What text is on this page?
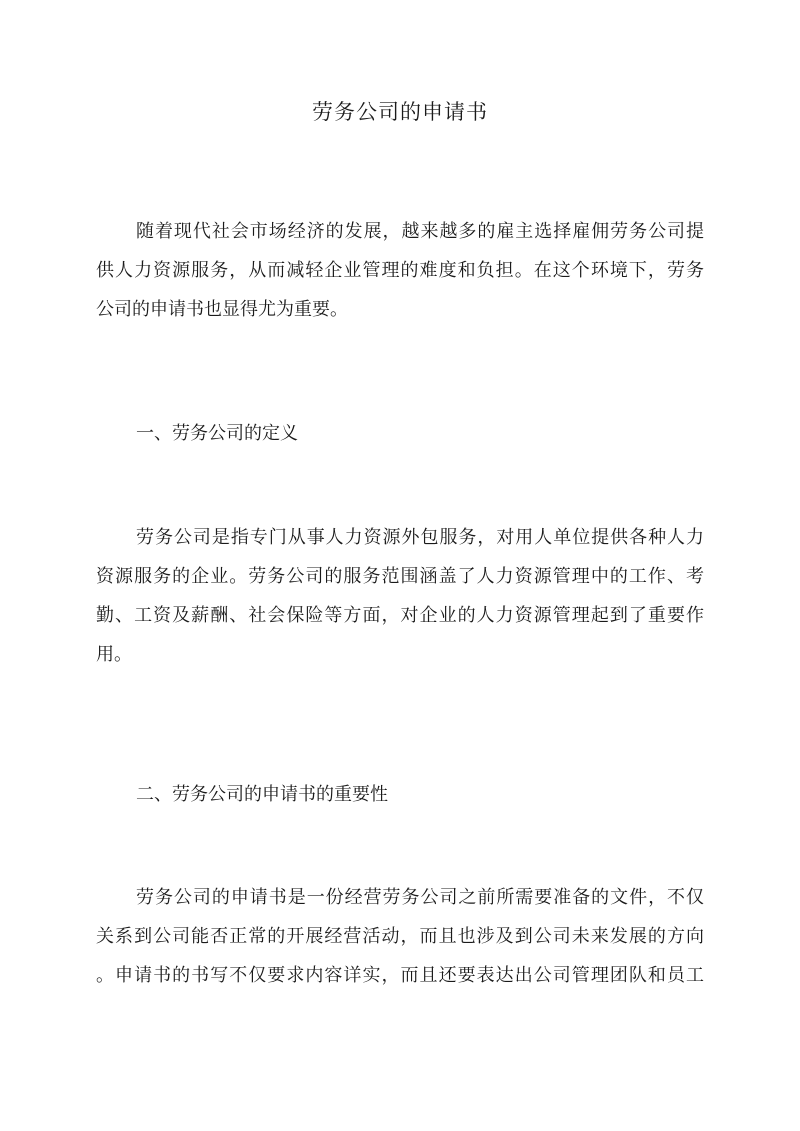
劳务公司的申请书
随着现代社会市场经济的发展，越来越多的雇主选择雇佣劳务公司提
供人力资源服务，从而减轻企业管理的难度和负担。在这个环境下，劳务
公司的申请书也显得尤为重要。
一、劳务公司的定义
劳务公司是指专门从事人力资源外包服务，对用人单位提供各种人力
资源服务的企业。劳务公司的服务范围涵盖了人力资源管理中的工作、考
勤、工资及薪酬、社会保险等方面，对企业的人力资源管理起到了重要作
用。
二、劳务公司的申请书的重要性
劳务公司的申请书是一份经营劳务公司之前所需要准备的文件，不仅
关系到公司能否正常的开展经营活动，而且也涉及到公司未来发展的方向
。申请书的书写不仅要求内容详实，而且还要表达出公司管理团队和员工
